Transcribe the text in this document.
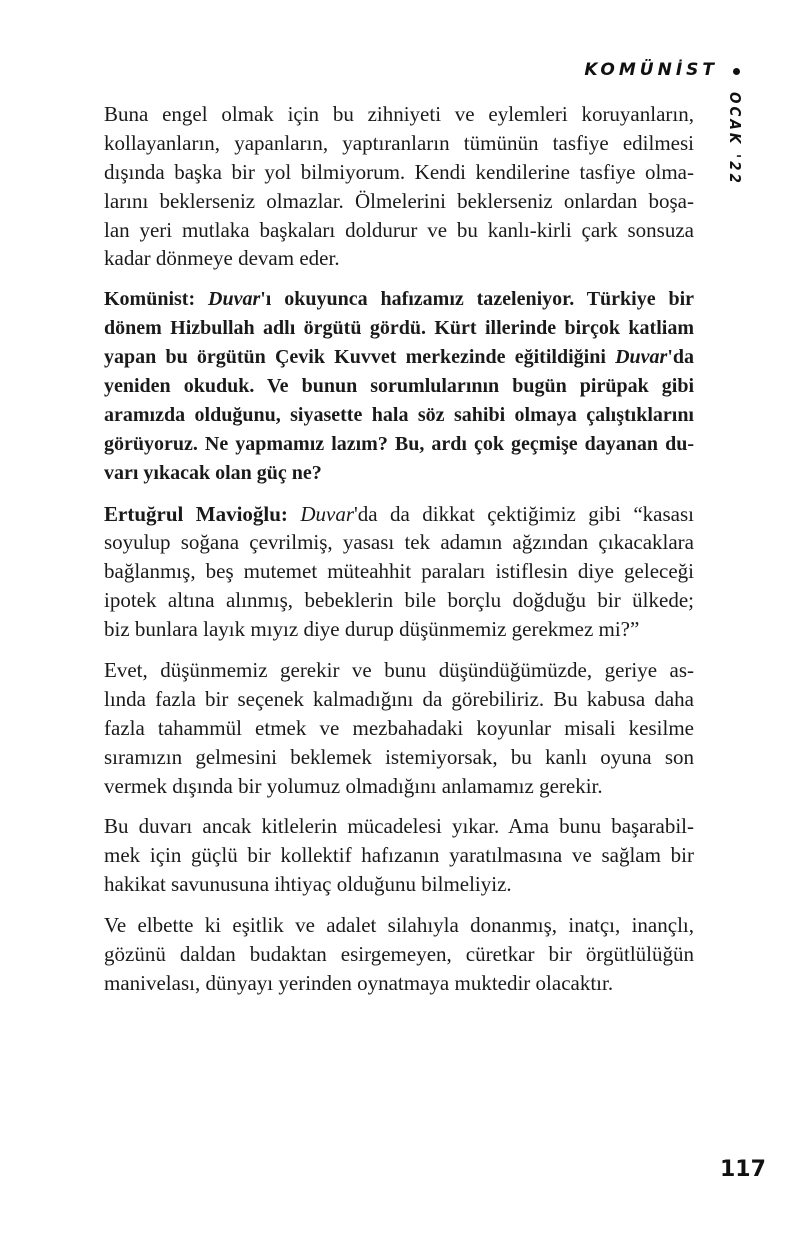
KOMÜNİST
OCAK '22
Buna engel olmak için bu zihniyeti ve eylemleri koruyanların,
kollayanların, yapanların, yaptıranların tümünün tasfiye edilmesi
dışında başka bir yol bilmiyorum. Kendi kendilerine tasfiye olma-
larını beklerseniz olmazlar. Ölmelerini beklerseniz onlardan boşa-
lan yeri mutlaka başkaları doldurur ve bu kanlı-kirli çark sonsuza
kadar dönmeye devam eder.
Komünist: Duvar'ı okuyunca hafızamız tazeleniyor. Türkiye bir
dönem Hizbullah adlı örgütü gördü. Kürt illerinde birçok katliam
yapan bu örgütün Çevik Kuvvet merkezinde eğitildiğini Duvar'da
yeniden okuduk. Ve bunun sorumlularının bugün pirüpak gibi
aramızda olduğunu, siyasette hala söz sahibi olmaya çalıştıklarını
görüyoruz. Ne yapmamız lazım? Bu, ardı çok geçmişe dayanan du-
varı yıkacak olan güç ne?
Ertuğrul Mavioğlu: Duvar'da da dikkat çektiğimiz gibi “kasası
soyulup soğana çevrilmiş, yasası tek adamın ağzından çıkacaklara
bağlanmış, beş mutemet müteahhit paraları istiflesin diye geleceği
ipotek altına alınmış, bebeklerin bile borçlu doğduğu bir ülkede;
biz bunlara layık mıyız diye durup düşünmemiz gerekmez mi?”
Evet, düşünmemiz gerekir ve bunu düşündüğümüzde, geriye as-
lında fazla bir seçenek kalmadığını da görebiliriz. Bu kabusa daha
fazla tahammül etmek ve mezbahadaki koyunlar misali kesilme
sıramızın gelmesini beklemek istemiyorsak, bu kanlı oyuna son
vermek dışında bir yolumuz olmadığını anlamamız gerekir.
Bu duvarı ancak kitlelerin mücadelesi yıkar. Ama bunu başarabil-
mek için güçlü bir kollektif hafızanın yaratılmasına ve sağlam bir
hakikat savunusuna ihtiyaç olduğunu bilmeliyiz.
Ve elbette ki eşitlik ve adalet silahıyla donanmış, inatçı, inançlı,
gözünü daldan budaktan esirgemeyen, cüretkar bir örgütlülüğün
manivelası, dünyayı yerinden oynatmaya muktedir olacaktır.
117
